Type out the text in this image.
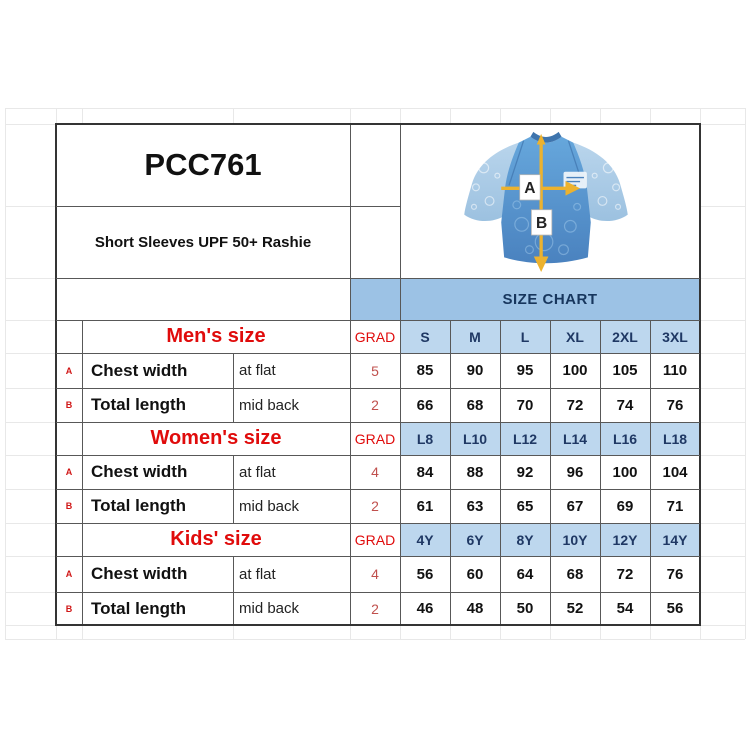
PCC761
Short Sleeves UPF 50+ Rashie
SIZE CHART
Men's size	GRAD	S	M	L	XL	2XL	3XL
A	Chest width	at flat	5	85	90	95	100	105	110
B	Total length	mid back	2	66	68	70	72	74	76
Women's size	GRAD	L8	L10	L12	L14	L16	L18
A	Chest width	at flat	4	84	88	92	96	100	104
B	Total length	mid back	2	61	63	65	67	69	71
Kids' size	GRAD	4Y	6Y	8Y	10Y	12Y	14Y
A	Chest width	at flat	4	56	60	64	68	72	76
B	Total length	mid back	2	46	48	50	52	54	56
A
B
